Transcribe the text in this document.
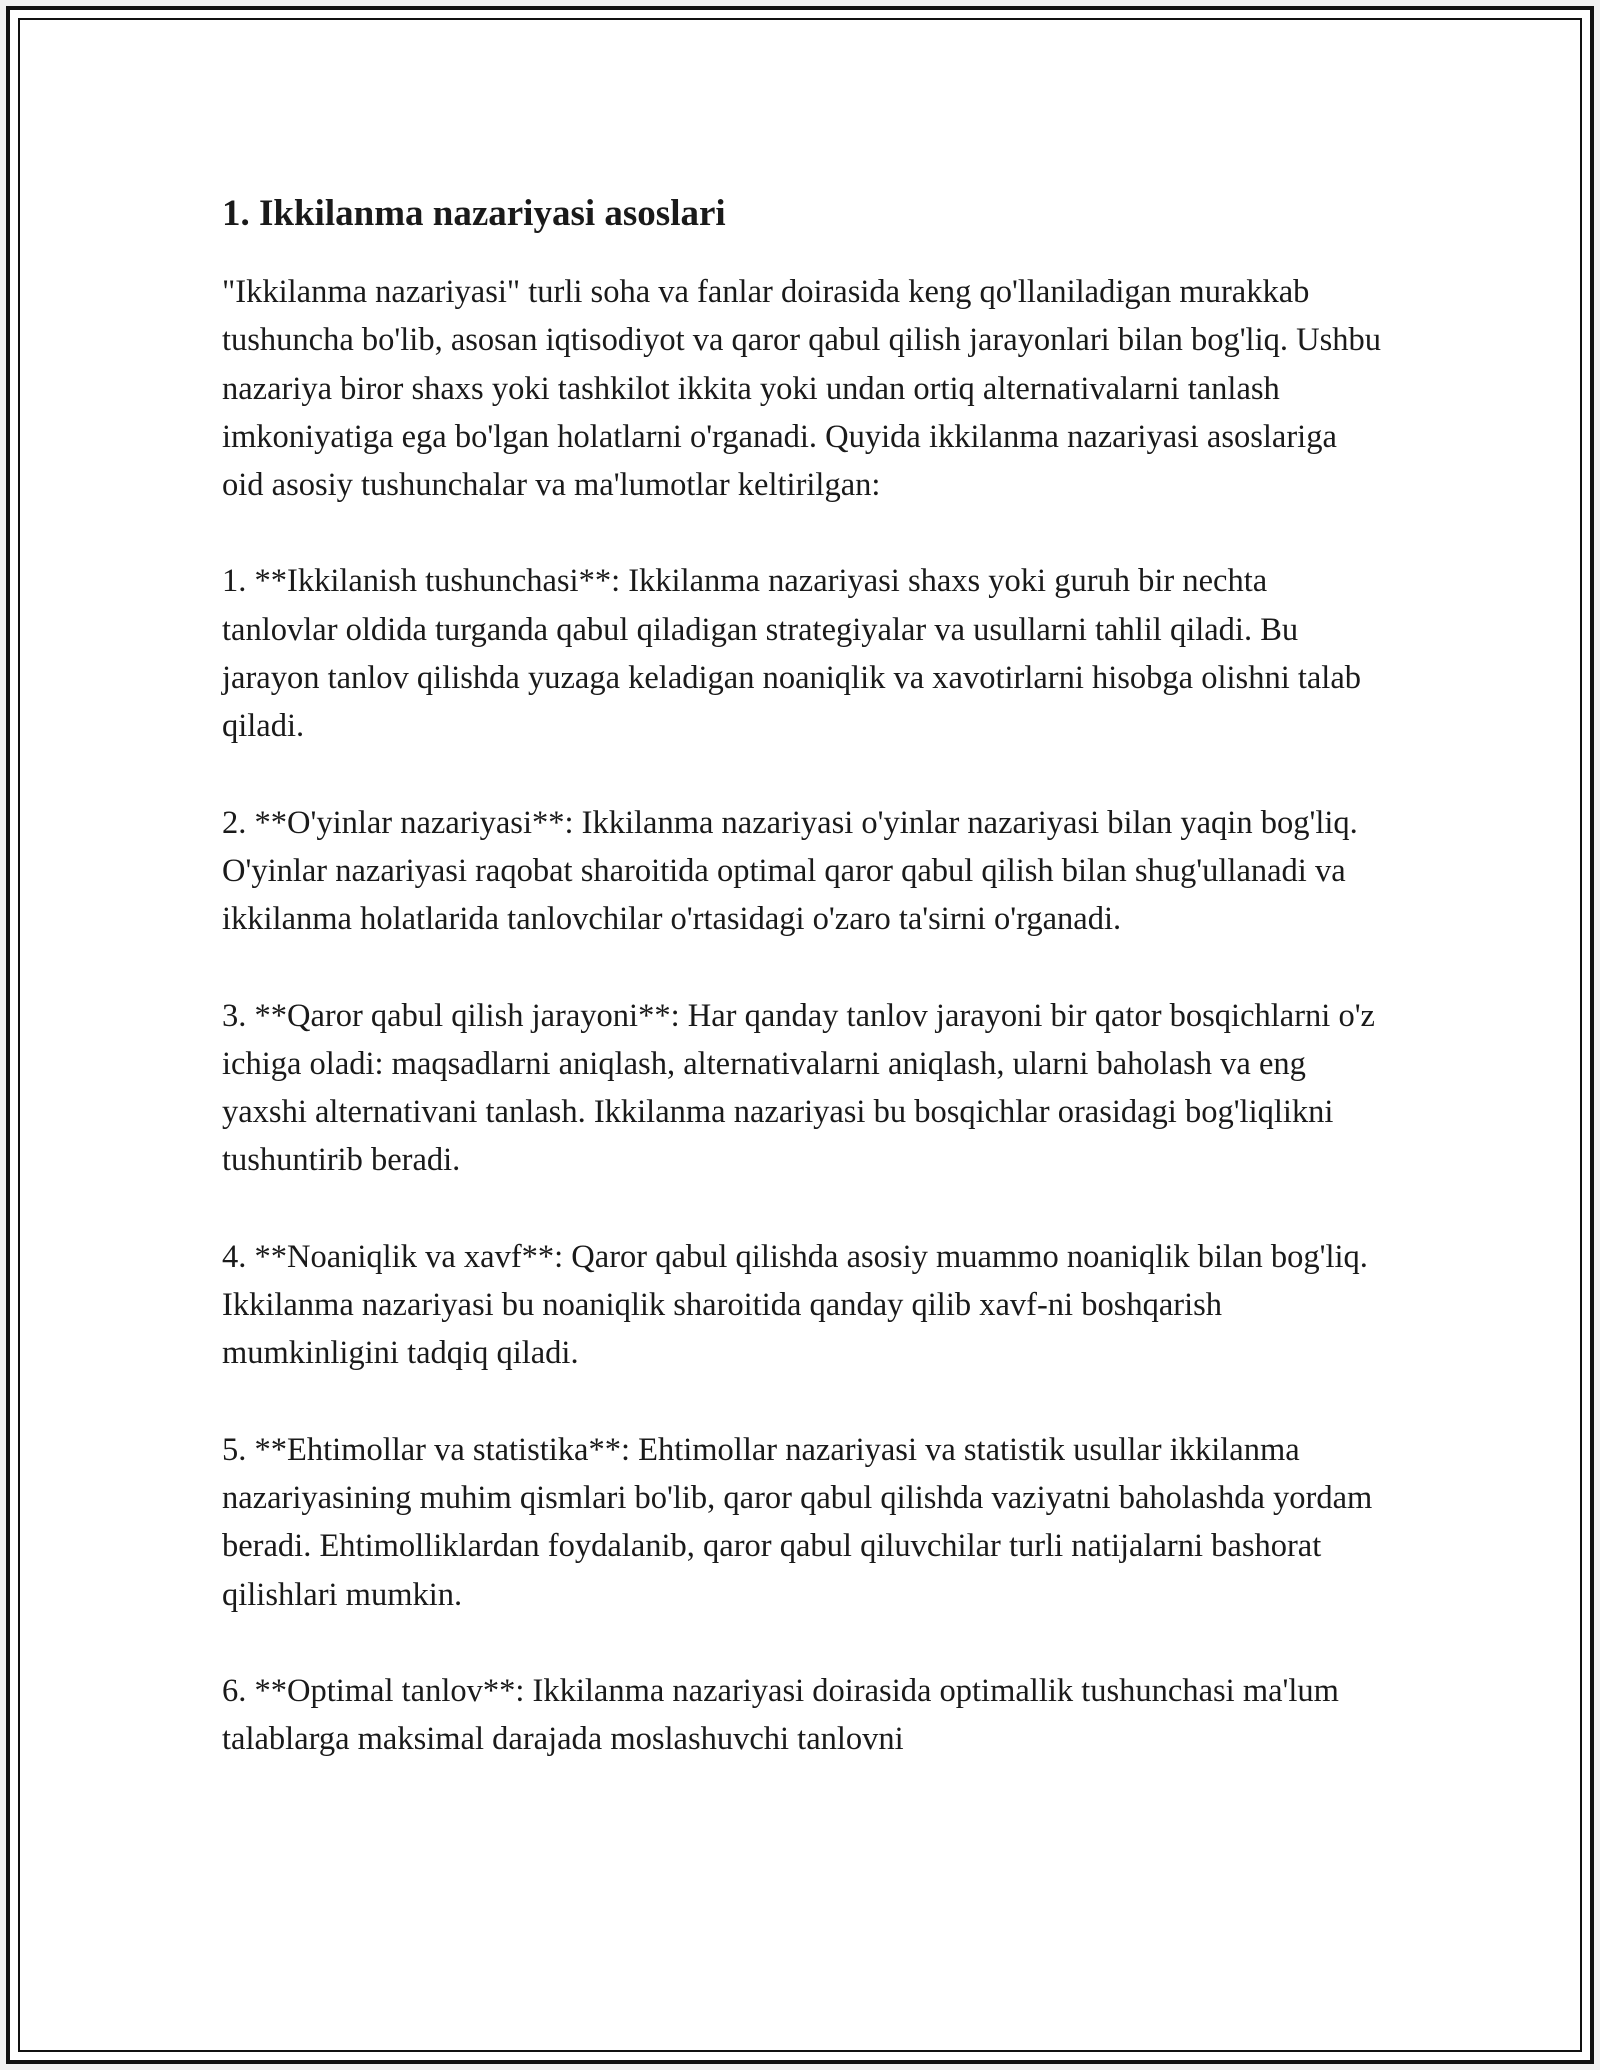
1. Ikkilanma nazariyasi asoslari

"Ikkilanma nazariyasi" turli soha va fanlar doirasida keng qo'llaniladigan murakkab tushuncha bo'lib, asosan iqtisodiyot va qaror qabul qilish jarayonlari bilan bog'liq. Ushbu nazariya biror shaxs yoki tashkilot ikkita yoki undan ortiq alternativalarni tanlash imkoniyatiga ega bo'lgan holatlarni o'rganadi. Quyida ikkilanma nazariyasi asoslariga oid asosiy tushunchalar va ma'lumotlar keltirilgan:

1. **Ikkilanish tushunchasi**: Ikkilanma nazariyasi shaxs yoki guruh bir nechta tanlovlar oldida turganda qabul qiladigan strategiyalar va usullarni tahlil qiladi. Bu jarayon tanlov qilishda yuzaga keladigan noaniqlik va xavotirlarni hisobga olishni talab qiladi.

2. **O'yinlar nazariyasi**: Ikkilanma nazariyasi o'yinlar nazariyasi bilan yaqin bog'liq. O'yinlar nazariyasi raqobat sharoitida optimal qaror qabul qilish bilan shug'ullanadi va ikkilanma holatlarida tanlovchilar o'rtasidagi o'zaro ta'sirni o'rganadi.

3. **Qaror qabul qilish jarayoni**: Har qanday tanlov jarayoni bir qator bosqichlarni o'z ichiga oladi: maqsadlarni aniqlash, alternativalarni aniqlash, ularni baholash va eng yaxshi alternativani tanlash. Ikkilanma nazariyasi bu bosqichlar orasidagi bog'liqlikni tushuntirib beradi.

4. **Noaniqlik va xavf**: Qaror qabul qilishda asosiy muammo noaniqlik bilan bog'liq. Ikkilanma nazariyasi bu noaniqlik sharoitida qanday qilib xavf-ni boshqarish mumkinligini tadqiq qiladi.

5. **Ehtimollar va statistika**: Ehtimollar nazariyasi va statistik usullar ikkilanma nazariyasining muhim qismlari bo'lib, qaror qabul qilishda vaziyatni baholashda yordam beradi. Ehtimolliklardan foydalanib, qaror qabul qiluvchilar turli natijalarni bashorat qilishlari mumkin.

6. **Optimal tanlov**: Ikkilanma nazariyasi doirasida optimallik tushunchasi ma'lum talablarga maksimal darajada moslashuvchi tanlovni
